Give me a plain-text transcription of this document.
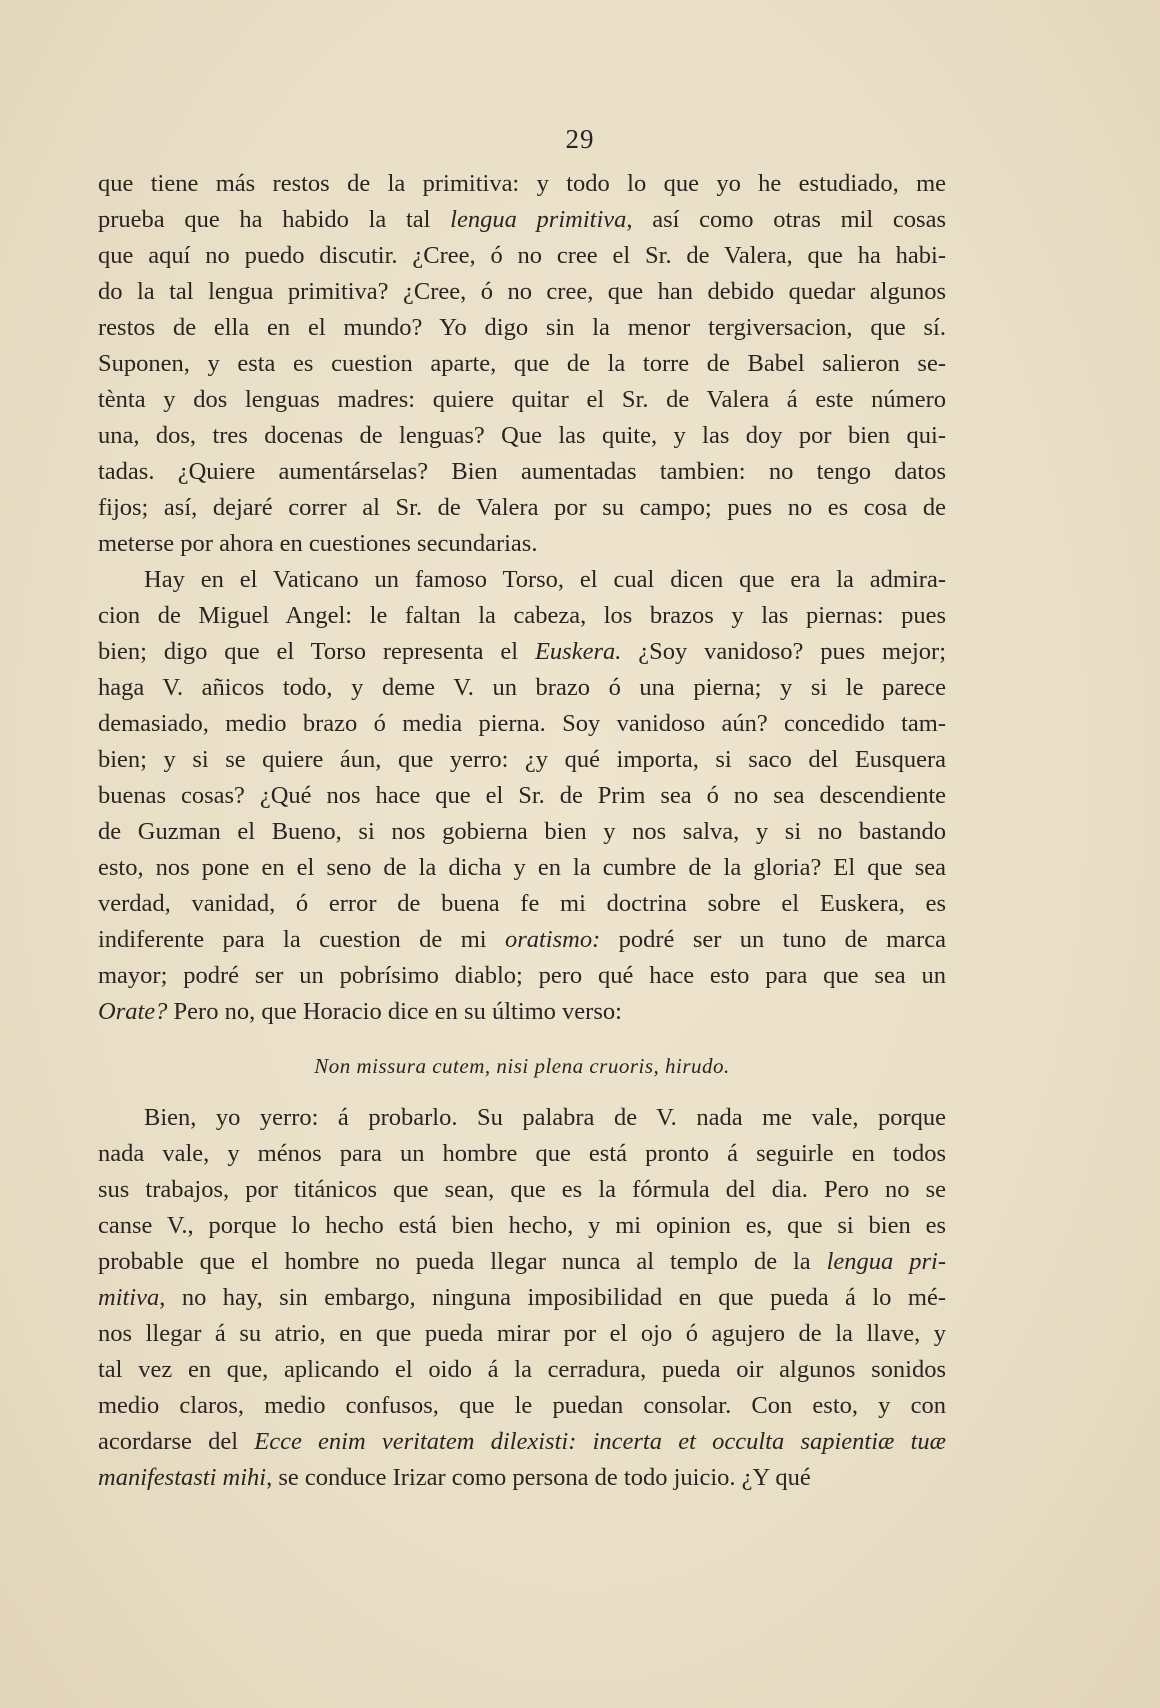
29
que tiene más restos de la primitiva: y todo lo que yo he estudiado, me
prueba que ha habido la tal lengua primitiva, así como otras mil cosas
que aquí no puedo discutir. ¿Cree, ó no cree el Sr. de Valera, que ha habi-
do la tal lengua primitiva? ¿Cree, ó no cree, que han debido quedar algunos
restos de ella en el mundo? Yo digo sin la menor tergiversacion, que sí.
Suponen, y esta es cuestion aparte, que de la torre de Babel salieron se-
tènta y dos lenguas madres: quiere quitar el Sr. de Valera á este número
una, dos, tres docenas de lenguas? Que las quite, y las doy por bien qui-
tadas. ¿Quiere aumentárselas? Bien aumentadas tambien: no tengo datos
fijos; así, dejaré correr al Sr. de Valera por su campo; pues no es cosa de
meterse por ahora en cuestiones secundarias.
Hay en el Vaticano un famoso Torso, el cual dicen que era la admira-
cion de Miguel Angel: le faltan la cabeza, los brazos y las piernas: pues
bien; digo que el Torso representa el Euskera. ¿Soy vanidoso? pues mejor;
haga V. añicos todo, y deme V. un brazo ó una pierna; y si le parece
demasiado, medio brazo ó media pierna. Soy vanidoso aún? concedido tam-
bien; y si se quiere áun, que yerro: ¿y qué importa, si saco del Eusquera
buenas cosas? ¿Qué nos hace que el Sr. de Prim sea ó no sea descendiente
de Guzman el Bueno, si nos gobierna bien y nos salva, y si no bastando
esto, nos pone en el seno de la dicha y en la cumbre de la gloria? El que sea
verdad, vanidad, ó error de buena fe mi doctrina sobre el Euskera, es
indiferente para la cuestion de mi oratismo: podré ser un tuno de marca
mayor; podré ser un pobrísimo diablo; pero qué hace esto para que sea un
Orate? Pero no, que Horacio dice en su último verso:
Non missura cutem, nisi plena cruoris, hirudo.
Bien, yo yerro: á probarlo. Su palabra de V. nada me vale, porque
nada vale, y ménos para un hombre que está pronto á seguirle en todos
sus trabajos, por titánicos que sean, que es la fórmula del dia. Pero no se
canse V., porque lo hecho está bien hecho, y mi opinion es, que si bien es
probable que el hombre no pueda llegar nunca al templo de la lengua pri-
mitiva, no hay, sin embargo, ninguna imposibilidad en que pueda á lo mé-
nos llegar á su atrio, en que pueda mirar por el ojo ó agujero de la llave, y
tal vez en que, aplicando el oido á la cerradura, pueda oir algunos sonidos
medio claros, medio confusos, que le puedan consolar. Con esto, y con
acordarse del Ecce enim veritatem dilexisti: incerta et occulta sapientiæ tuæ
manifestasti mihi, se conduce Irizar como persona de todo juicio. ¿Y qué
